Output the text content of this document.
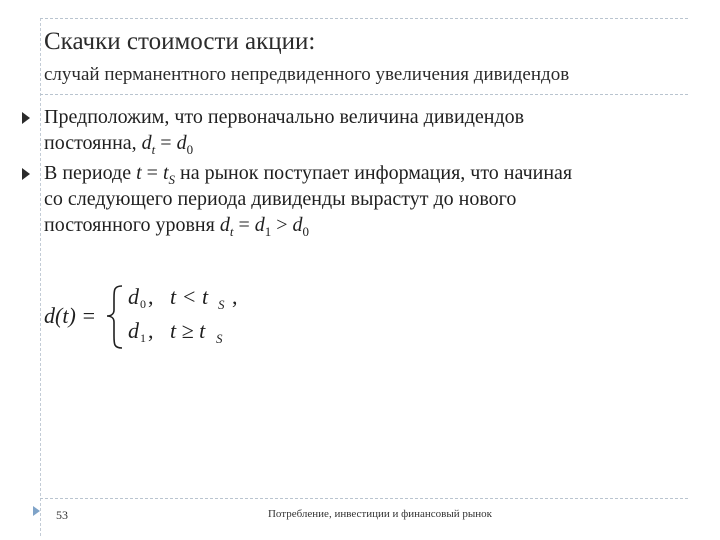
Скачки стоимости акции:
случай перманентного непредвиденного увеличения дивидендов
Предположим, что первоначально величина дивидендов
постоянна, $d_t = d_0$
В периоде $t = t_S$ на рынок поступает информация, что начиная
со следующего периода дивиденды вырастут до нового
постоянного уровня $d_t = d_1 > d_0$
d(t) =
d 0 , t < t S ,
d 1 , t ≥ t S
53	Потребление, инвестиции и финансовый рынок
